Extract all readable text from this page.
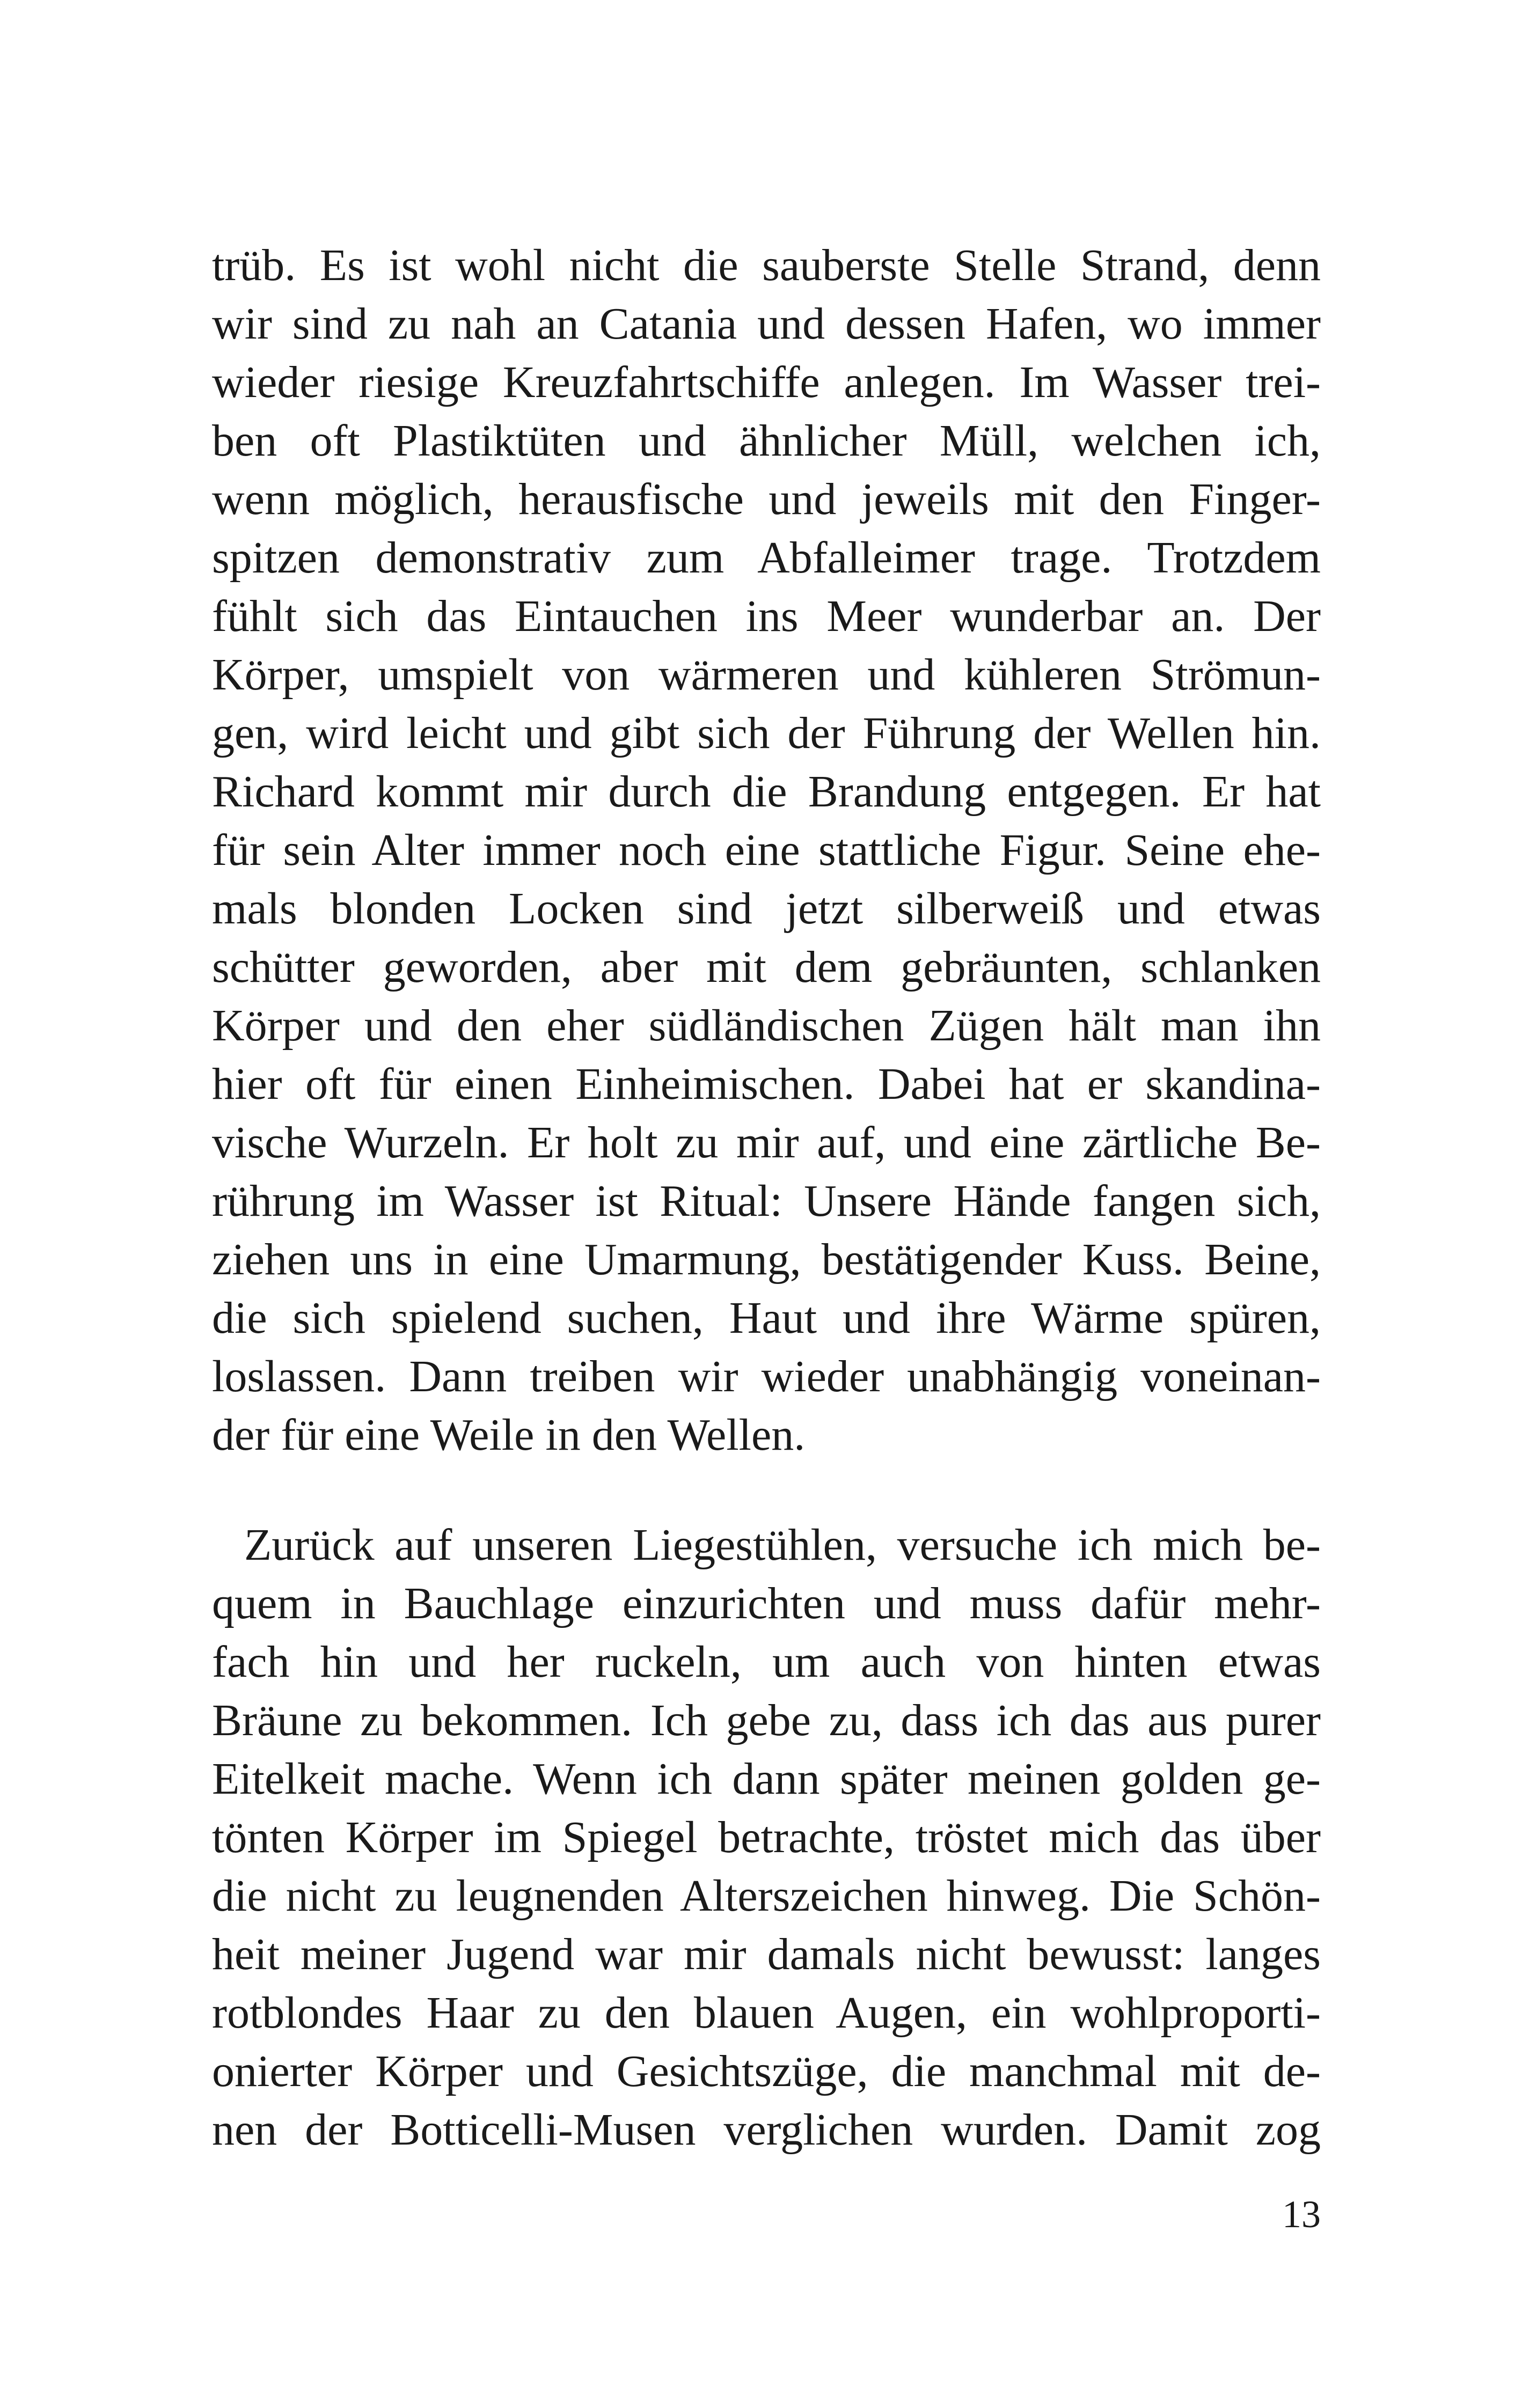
trüb. Es ist wohl nicht die sauberste Stelle Strand, denn
wir sind zu nah an Catania und dessen Hafen, wo immer
wieder riesige Kreuzfahrtschiffe anlegen. Im Wasser trei-
ben oft Plastiktüten und ähnlicher Müll, welchen ich,
wenn möglich, herausfische und jeweils mit den Finger-
spitzen demonstrativ zum Abfalleimer trage. Trotzdem
fühlt sich das Eintauchen ins Meer wunderbar an. Der
Körper, umspielt von wärmeren und kühleren Strömun-
gen, wird leicht und gibt sich der Führung der Wellen hin.
Richard kommt mir durch die Brandung entgegen. Er hat
für sein Alter immer noch eine stattliche Figur. Seine ehe-
mals blonden Locken sind jetzt silberweiß und etwas
schütter geworden, aber mit dem gebräunten, schlanken
Körper und den eher südländischen Zügen hält man ihn
hier oft für einen Einheimischen. Dabei hat er skandina-
vische Wurzeln. Er holt zu mir auf, und eine zärtliche Be-
rührung im Wasser ist Ritual: Unsere Hände fangen sich,
ziehen uns in eine Umarmung, bestätigender Kuss. Beine,
die sich spielend suchen, Haut und ihre Wärme spüren,
loslassen. Dann treiben wir wieder unabhängig voneinan-
der für eine Weile in den Wellen.
Zurück auf unseren Liegestühlen, versuche ich mich be-
quem in Bauchlage einzurichten und muss dafür mehr-
fach hin und her ruckeln, um auch von hinten etwas
Bräune zu bekommen. Ich gebe zu, dass ich das aus purer
Eitelkeit mache. Wenn ich dann später meinen golden ge-
tönten Körper im Spiegel betrachte, tröstet mich das über
die nicht zu leugnenden Alterszeichen hinweg. Die Schön-
heit meiner Jugend war mir damals nicht bewusst: langes
rotblondes Haar zu den blauen Augen, ein wohlproporti-
onierter Körper und Gesichtszüge, die manchmal mit de-
nen der Botticelli-Musen verglichen wurden. Damit zog
13
